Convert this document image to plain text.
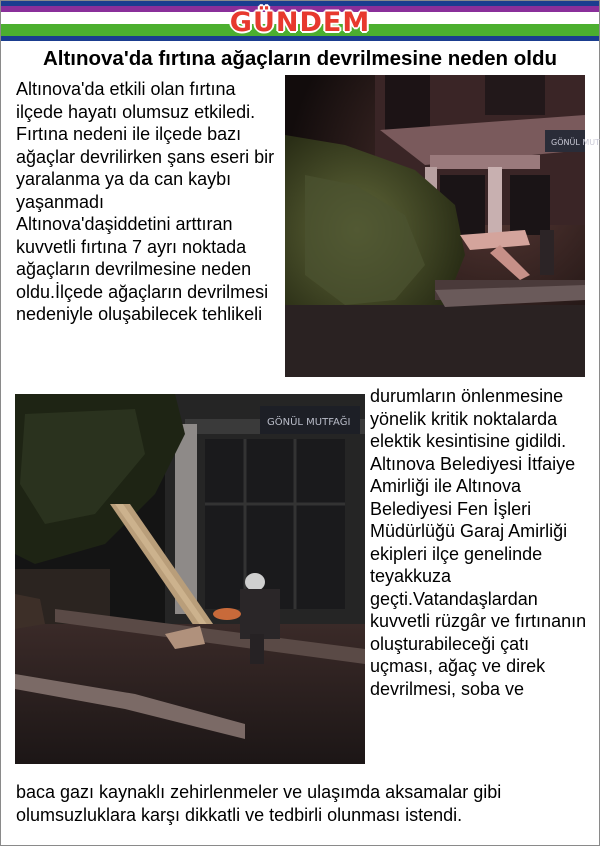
GÜNDEM
Altınova'da fırtına ağaçların devrilmesine neden oldu
Altınova'da etkili olan fırtına ilçede hayatı olumsuz etkiledi. Fırtına nedeni ile ilçede bazı ağaçlar devrilirken şans eseri bir yaralanma ya da can kaybı yaşanmadı
Altınova'daşiddetini arttıran kuvvetli fırtına 7 ayrı noktada ağaçların devrilmesine neden oldu.İlçede ağaçların devrilmesi nedeniyle oluşabilecek tehlikeli
GÖNÜL MUT
GÖNÜL MUTFAĞI
durumların önlenmesine yönelik kritik noktalarda elektik kesintisine gidildi. Altınova Belediyesi İtfaiye Amirliği ile Altınova Belediyesi Fen İşleri Müdürlüğü Garaj Amirliği ekipleri ilçe genelinde teyakkuza geçti.Vatandaşlardan kuvvetli rüzgâr ve fırtınanın oluşturabileceği çatı uçması, ağaç ve direk devrilmesi, soba ve
baca gazı kaynaklı zehirlenmeler ve ulaşımda aksamalar gibi
olumsuzluklara karşı dikkatli ve tedbirli olunması istendi.
